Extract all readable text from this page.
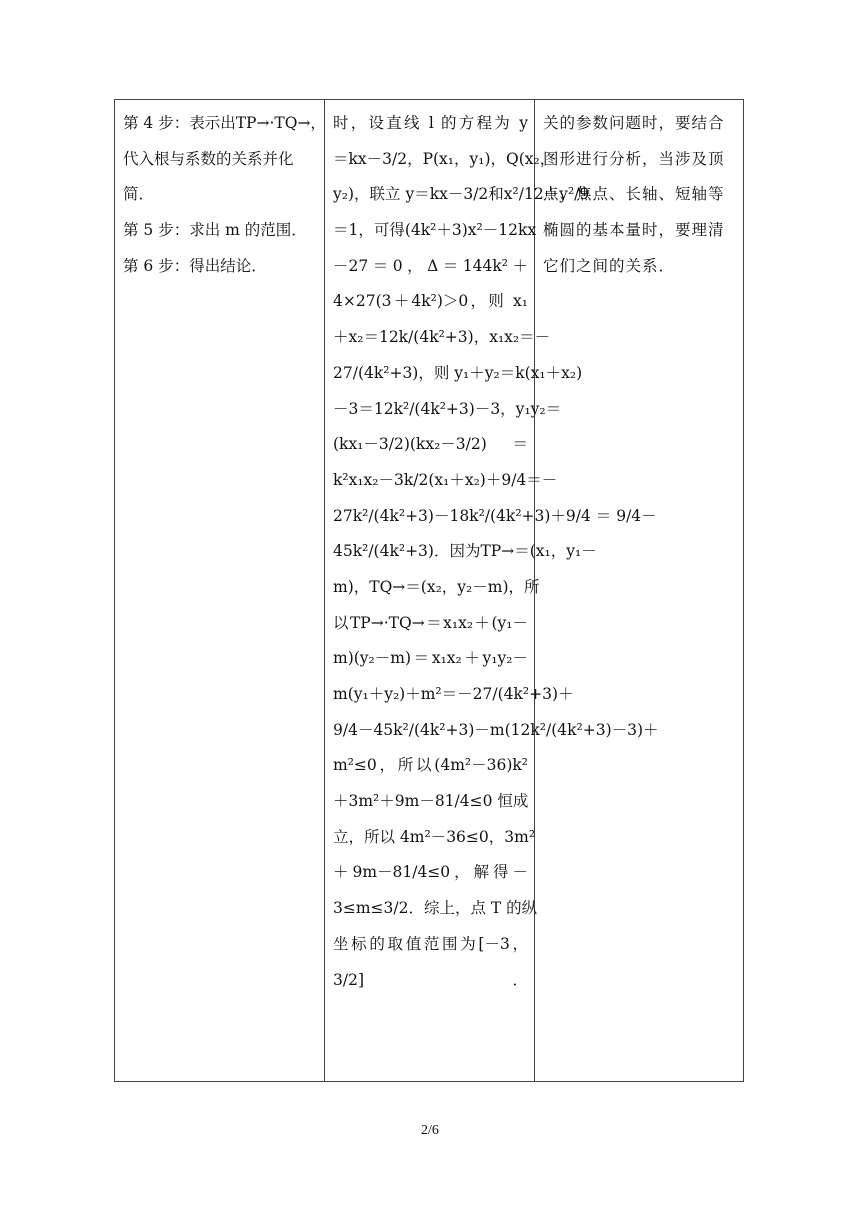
第 4 步：表示出TP→·TQ→，
代入根与系数的关系并化
简．
第 5 步：求出 m 的范围．
第 6 步：得出结论．
时，设直线 l 的方程为 y
＝kx－3/2，P(x₁，y₁)，Q(x₂，
y₂)，联立 y＝kx－3/2和x²/12＋y²/9
＝1，可得(4k²＋3)x²－12kx
－27＝0，Δ＝144k²＋
4×27(3＋4k²)＞0，则 x₁
＋x₂＝12k/(4k²+3)，x₁x₂＝－
27/(4k²+3)，则 y₁＋y₂＝k(x₁＋x₂)
－3＝12k²/(4k²+3)－3，y₁y₂＝
(kx₁－3/2)(kx₂－3/2) ＝
k²x₁x₂－3k/2(x₁＋x₂)＋9/4＝－
27k²/(4k²+3)－18k²/(4k²+3)＋9/4 ＝ 9/4－
45k²/(4k²+3)．因为TP→＝(x₁，y₁－
m)，TQ→＝(x₂，y₂－m)，所
以TP→·TQ→＝x₁x₂＋(y₁－
m)(y₂－m)＝x₁x₂＋y₁y₂－
m(y₁＋y₂)＋m²＝－27/(4k²+3)＋
9/4－45k²/(4k²+3)－m(12k²/(4k²+3)－3)＋
m²≤0，所以(4m²－36)k²
＋3m²＋9m－81/4≤0 恒成
立，所以 4m²－36≤0，3m²
＋9m－81/4≤0，解得－
3≤m≤3/2．综上，点 T 的纵
坐标的取值范围为[－3，
3/2]．
关的参数问题时，要结合
图形进行分析，当涉及顶
点、焦点、长轴、短轴等
椭圆的基本量时，要理清
它们之间的关系．
2/6
